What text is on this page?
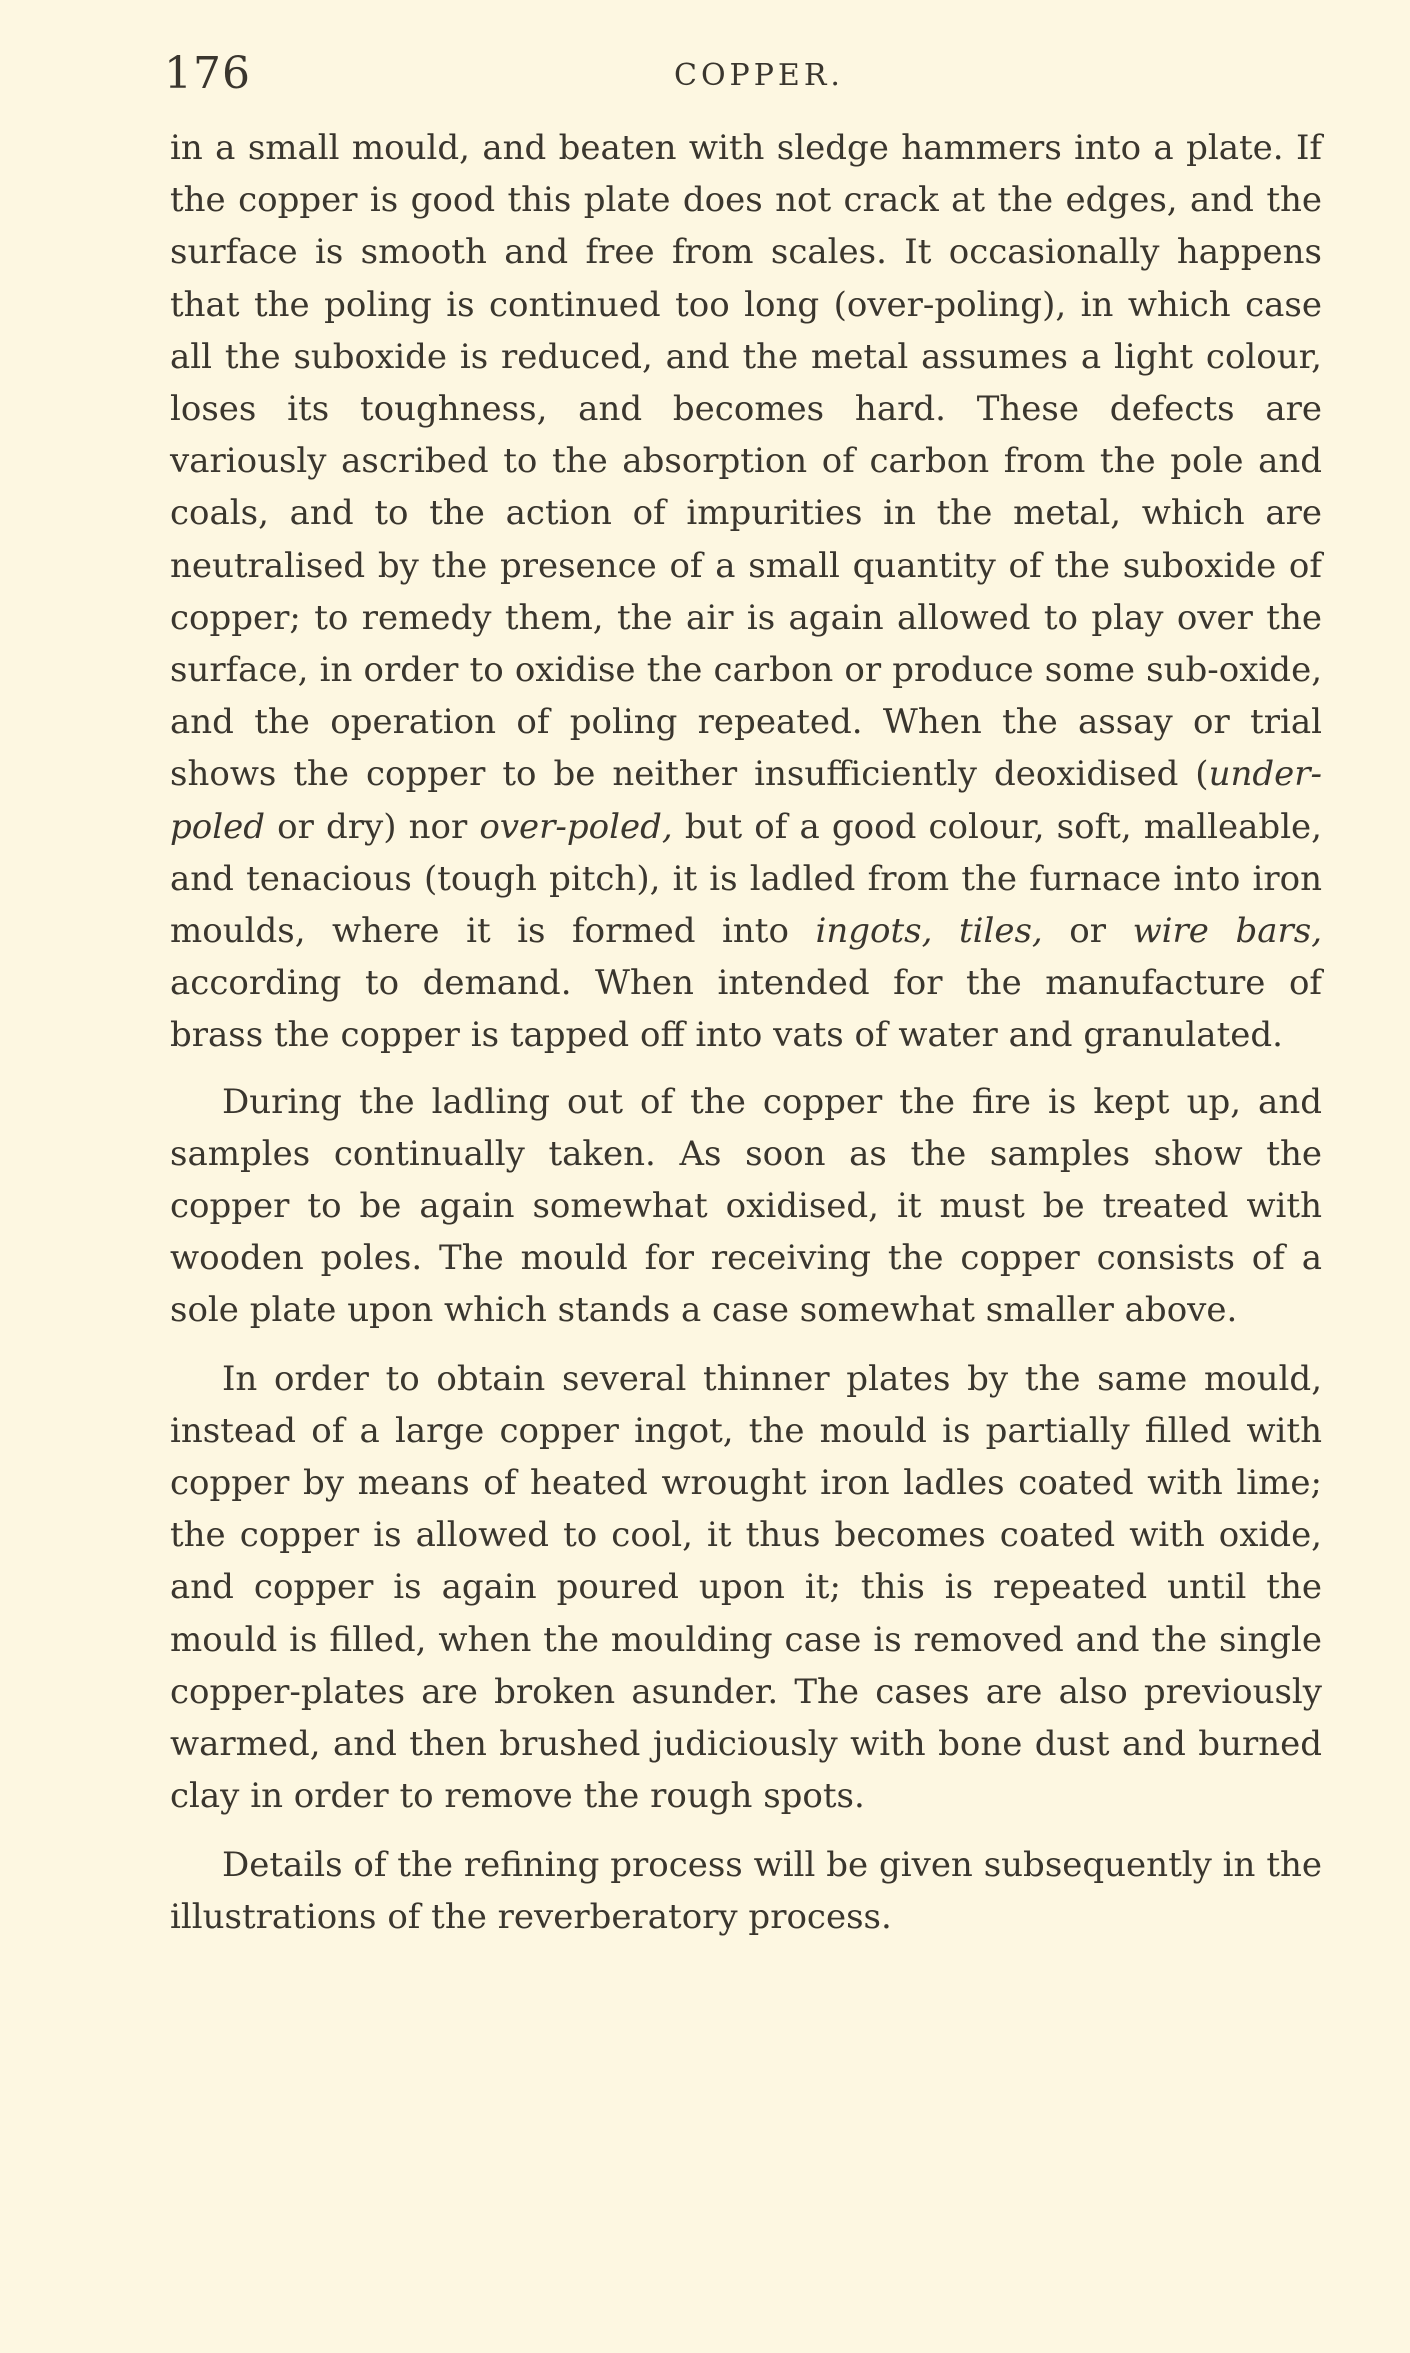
176	COPPER.

in a small mould, and beaten with sledge hammers into a plate. If the copper is good this plate does not crack at the edges, and the surface is smooth and free from scales. It occasionally happens that the poling is continued too long (over-poling), in which case all the suboxide is reduced, and the metal assumes a light colour, loses its toughness, and becomes hard. These defects are variously ascribed to the absorption of carbon from the pole and coals, and to the action of impurities in the metal, which are neutralised by the presence of a small quantity of the suboxide of copper; to remedy them, the air is again allowed to play over the surface, in order to oxidise the carbon or produce some sub-oxide, and the operation of poling repeated. When the assay or trial shows the copper to be neither insufficiently deoxidised (under-poled or dry) nor over-poled, but of a good colour, soft, malleable, and tenacious (tough pitch), it is ladled from the furnace into iron moulds, where it is formed into ingots, tiles, or wire bars, according to demand. When intended for the manufacture of brass the copper is tapped off into vats of water and granulated.

During the ladling out of the copper the fire is kept up, and samples continually taken. As soon as the samples show the copper to be again somewhat oxidised, it must be treated with wooden poles. The mould for receiving the copper consists of a sole plate upon which stands a case somewhat smaller above.

In order to obtain several thinner plates by the same mould, instead of a large copper ingot, the mould is partially filled with copper by means of heated wrought iron ladles coated with lime; the copper is allowed to cool, it thus becomes coated with oxide, and copper is again poured upon it; this is repeated until the mould is filled, when the moulding case is removed and the single copper-plates are broken asunder. The cases are also previously warmed, and then brushed judiciously with bone dust and burned clay in order to remove the rough spots.

Details of the refining process will be given subsequently in the illustrations of the reverberatory process.
